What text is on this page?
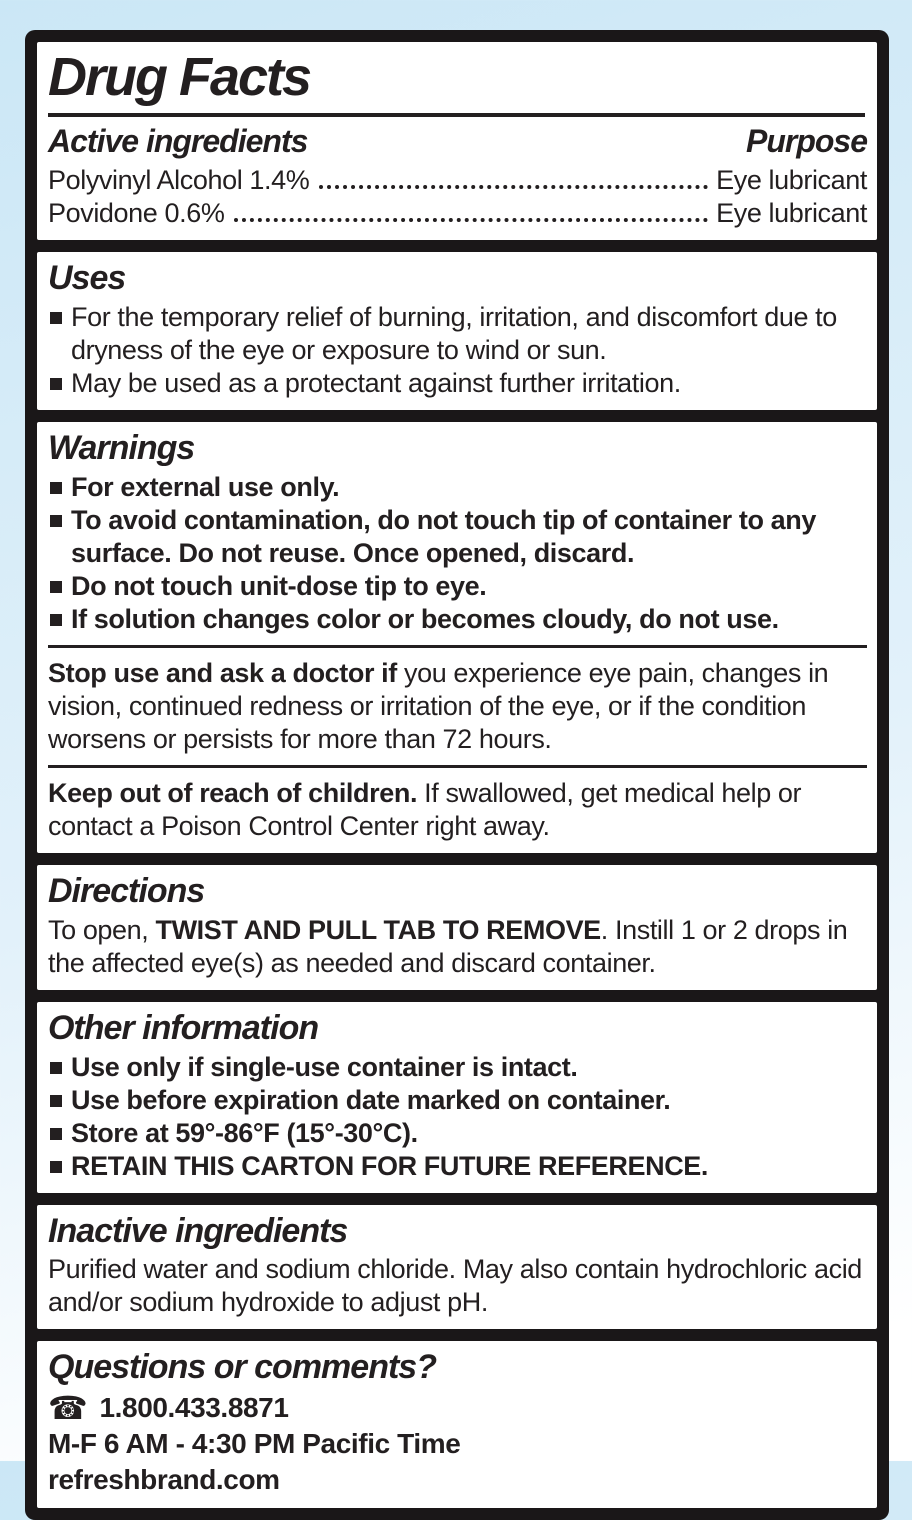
Drug Facts
Active ingredients	Purpose
Polyvinyl Alcohol 1.4%	Eye lubricant
Povidone 0.6%	Eye lubricant
Uses
For the temporary relief of burning, irritation, and discomfort due to dryness of the eye or exposure to wind or sun.
May be used as a protectant against further irritation.
Warnings
For external use only.
To avoid contamination, do not touch tip of container to any surface. Do not reuse. Once opened, discard.
Do not touch unit-dose tip to eye.
If solution changes color or becomes cloudy, do not use.

Stop use and ask a doctor if you experience eye pain, changes in vision, continued redness or irritation of the eye, or if the condition worsens or persists for more than 72 hours.

Keep out of reach of children. If swallowed, get medical help or contact a Poison Control Center right away.

Directions

To open, TWIST AND PULL TAB TO REMOVE. Instill 1 or 2 drops in the affected eye(s) as needed and discard container.

Other information
Use only if single-use container is intact.
Use before expiration date marked on container.
Store at 59°-86°F (15°-30°C).
RETAIN THIS CARTON FOR FUTURE REFERENCE.
Inactive ingredients

Purified water and sodium chloride. May also contain hydrochloric acid and/or sodium hydroxide to adjust pH.

Questions or comments?
☎ 1.800.433.8871
M-F 6 AM - 4:30 PM Pacific Time
refreshbrand.com
